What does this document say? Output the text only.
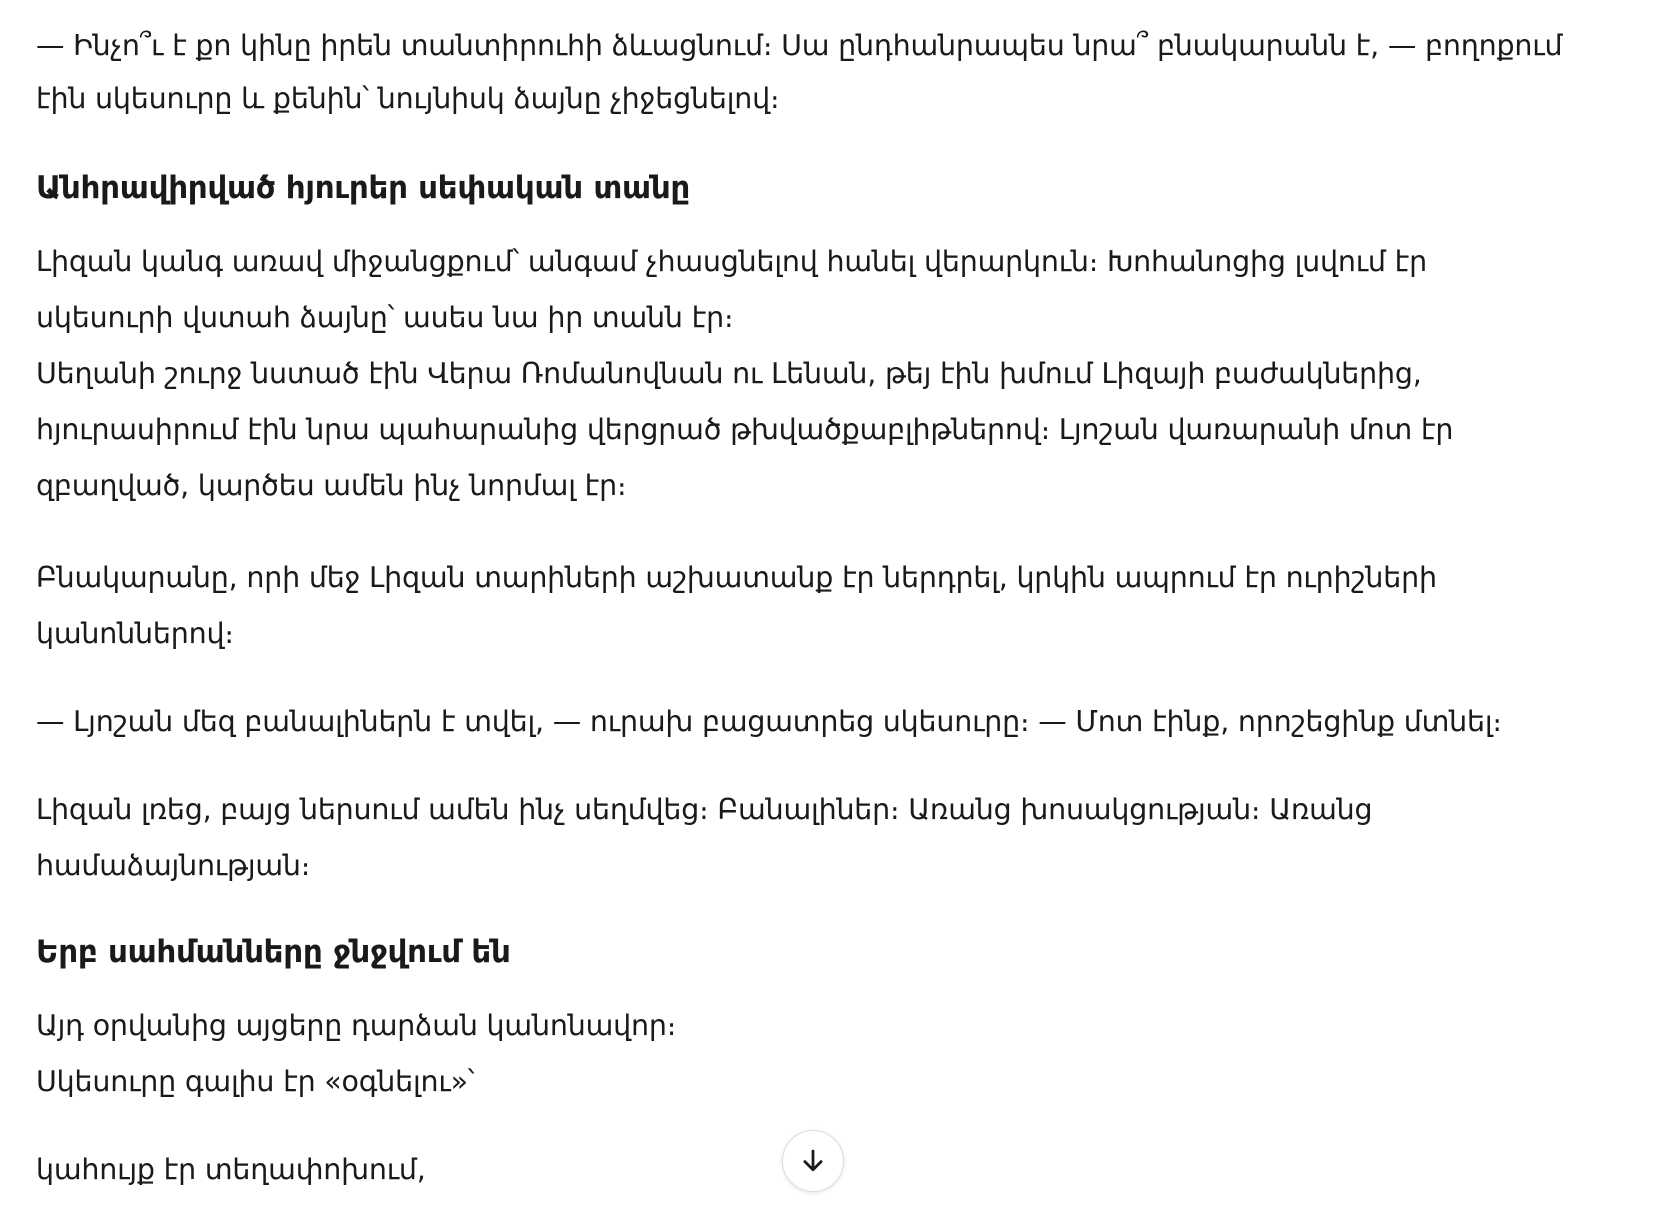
— Ինչո՞ւ է քո կինը իրեն տանտիրուհի ձևացնում։ Սա ընդհանրապես նրա՞ բնակարանն է, — բողոքում

էին սկեսուրը և քենին՝ նույնիսկ ձայնը չիջեցնելով։

Անհրավիրված հյուրեր սեփական տանը

Լիզան կանգ առավ միջանցքում՝ անգամ չհասցնելով հանել վերարկուն։ Խոհանոցից լսվում էր

սկեսուրի վստահ ձայնը՝ ասես նա իր տանն էր։

Սեղանի շուրջ նստած էին Վերա Ռոմանովնան ու Լենան, թեյ էին խմում Լիզայի բաժակներից,

հյուրասիրում էին նրա պահարանից վերցրած թխվածքաբլիթներով։ Լյոշան վառարանի մոտ էր

զբաղված, կարծես ամեն ինչ նորմալ էր։

Բնակարանը, որի մեջ Լիզան տարիների աշխատանք էր ներդրել, կրկին ապրում էր ուրիշների

կանոններով։

— Լյոշան մեզ բանալիներն է տվել, — ուրախ բացատրեց սկեսուրը։ — Մոտ էինք, որոշեցինք մտնել։

Լիզան լռեց, բայց ներսում ամեն ինչ սեղմվեց։ Բանալիներ։ Առանց խոսակցության։ Առանց

համաձայնության։

Երբ սահմանները ջնջվում են

Այդ օրվանից այցերը դարձան կանոնավոր։

Սկեսուրը գալիս էր «օգնելու»՝

կահույք էր տեղափոխում,
